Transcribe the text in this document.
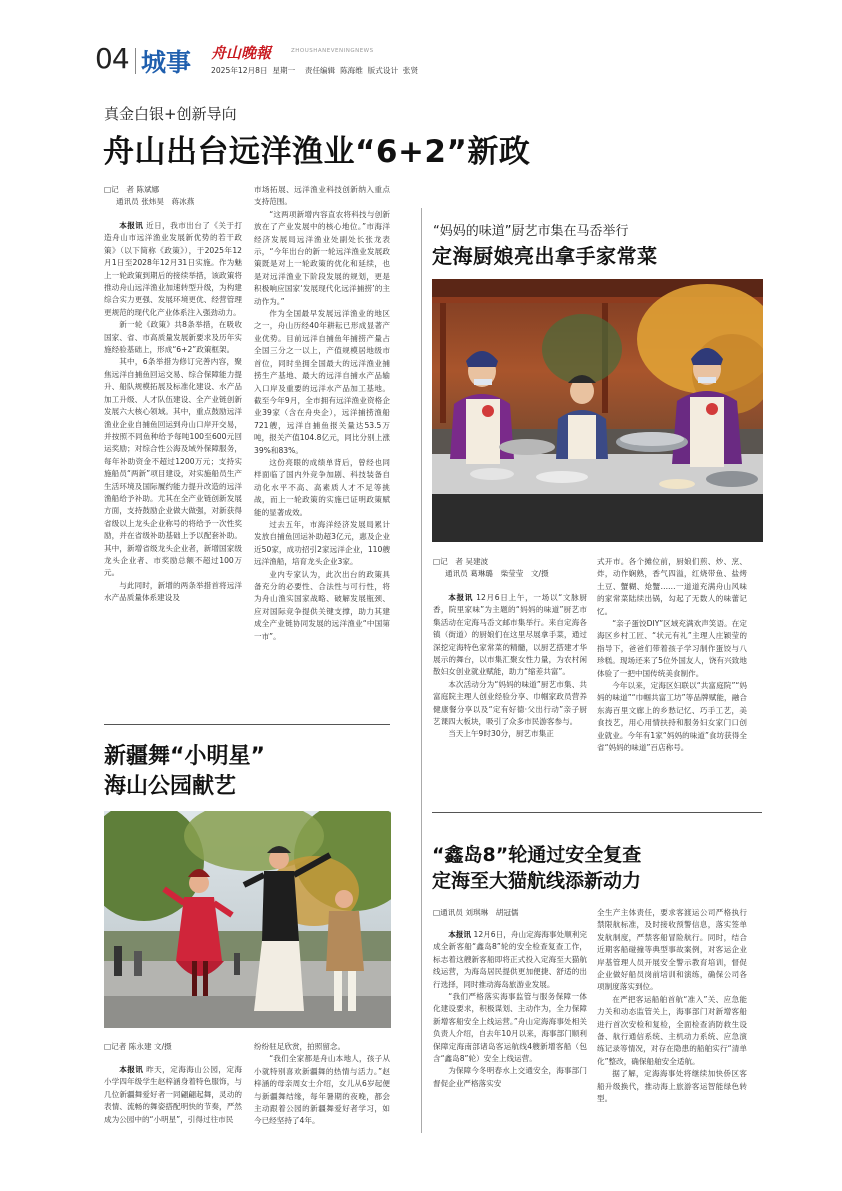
04 城事 舟山晚報	ZHOUSHANEVENINGNEWS
2025年12月8日  星期一    责任编辑  陈海维  版式设计  张贤
真金白银+创新导向
舟山出台远洋渔业“6+2”新政
□记　者 陈斌娜
通讯员 张炜昊　蒋冰燕

本报讯 近日，我市出台了《关于打造舟山市远洋渔业发展新优势的若干政策》（以下简称《政策》），于2025年12月1日至2028年12月31日实施。作为魅上一轮政策到期后的接续举措，该政策将推动舟山远洋渔业加速转型升级，为构建综合实力更强、发展环境更优、经营管理更规范的现代化产业体系注入强劲动力。

新一轮《政策》共8条举措，在吸收国家、省、市高质量发展新要求及历年实施经验基础上，形成“6+2”政策框架。

其中，6条举措为修订完善内容，聚焦远洋自捕鱼回运交易、综合保障能力提升、船队规模拓展及标准化建设、水产品加工升级、人才队伍建设、全产业链创新发展六大核心领域。其中，重点鼓励远洋渔业企业自捕鱼回运到舟山口岸开交易，并按照不同鱼种给予每吨100至600元回运奖励；对综合性公海及域外保障服务，每年补助资金不超过1200万元；支持实施船员“两新”项目建设，对实施船员生产生活环境及国际履约能力提升改造的远洋渔船给予补助。尤其在全产业链创新发展方面，支持鼓励企业做大做强，对新获得省级以上龙头企业称号的将给予一次性奖励，并在省级补助基础上予以配套补助。其中，新增省级龙头企业者，新增国家级龙头企业者、市奖励总额不超过100万元。

与此同时，新增的两条举措首将远洋水产品质量体系建设及

市场拓展、远洋渔业科技创新纳入重点支持范围。

“这两项新增内容直农将科技与创新放在了产业发展中的核心地位。”市海洋经济发展局远洋渔业处副处长张龙表示，“今年出台的新一轮远洋渔业发展政策既是对上一轮政策的优化和延续，也是对远洋渔业下阶段发展的规划，更是积极响应国家‘发展现代化远洋捕捞’的主动作为。”

作为全国最早发展远洋渔业的地区之一，舟山历经40年耕耘已形成显著产业优势。目前远洋自捕鱼年捕捞产量占全国三分之一以上，产值规模居地级市首位，同时坐拥全国最大的远洋渔业捕捞生产基地、最大的远洋自捕水产品输入口岸及重要的远洋水产品加工基地。截至今年9月，全市拥有远洋渔业资格企业39家（含在舟央企），远洋捕捞渔船721艘，远洋自捕鱼报关量达53.5万吨，报关产值104.8亿元，同比分别上涨39%和83%。

这份亮眼的成绩单背后，曾经也同样面临了国内外竞争加剧、科技装备自动化水平不高、高素质人才不足等挑战，而上一轮政策的实施已证明政策赋能的显著成效。

过去五年，市海洋经济发展局累计发放自捕鱼回运补助超3亿元，惠及企业近50家，成功招引2家远洋企业，110艘远洋渔船，培育龙头企业3家。

业内专家认为，此次出台的政策具备充分的必要性、合法性与可行性，将为舟山渔实国家战略、破解发展瓶颈、应对国际竞争提供关键支撑，助力其建成全产业链协同发展的远洋渔业“中国第一市”。

“妈妈的味道”厨艺市集在马岙举行
定海厨娘亮出拿手家常菜
□记　者 吴建波
通讯员 葛琳璐　柴莹莹　文/摄

本报讯 12月6日上午，一场以“文脉厨香，院里家味”为主题的“妈妈的味道”厨艺市集活动在定海马岙文邮市集举行。来自定海各镇（街道）的厨娘们在这里尽展拿手菜，通过深挖定海特色家常菜的精髓，以厨艺搭建才华展示的舞台，以市集汇聚女性力量，为农村闲散妇女创业就业赋能，助力“缩差共富”。

本次活动分为“妈妈的味道”厨艺市集、共富庭院主理人创业经验分享、巾帼家政员营养健康餐分享以及“定有好德·父出行动”亲子厨艺课四大板块，吸引了众多市民游客参与。

当天上午9时30分，厨艺市集正

式开市。各个摊位前，厨娘们煎、炒、烹、炸，动作娴熟，香气四溢，红烧带鱼、盐烤土豆、蟹糊、炝蟹……一道道充满舟山风味的家常菜陆续出锅，勾起了无数人的味蕾记忆。

“亲子蛋饺DIY”区域充满欢声笑语。在定海区乡村工匠、“状元有礼”主理人庄颖莹的指导下，爸爸们带着孩子学习制作蛋饺与八珍糕。现场还来了5位外国友人，饶有兴致地体验了一把中国传统美食制作。

今年以来，定海区妇联以“共富庭院”“妈妈的味道”“巾帼共富工坊”等品牌赋能，融合东海百里文廊上的乡愁记忆、巧手工艺，美食技艺，用心用情扶持和服务妇女家门口创业就业。今年有1家“妈妈的味道”食坊获得全省“妈妈的味道”百店称号。

新疆舞“小明星”
海山公园献艺
□记者 陈永建 文/摄

本报讯 昨天，定海海山公园，定海小学四年级学生赵梓涵身着特色服饰，与几位新疆舞爱好者一同翩翩起舞，灵动的表情、流畅的舞姿搭配明快的节奏，严然成为公园中的“小明星”，引得过往市民

纷纷驻足欣赏，拍照留念。

“我们全家都是舟山本地人，孩子从小就特别喜欢新疆舞的热情与活力。”赵梓涵的母亲周女士介绍，女儿从6岁起便与新疆舞结缘，每年暑期的夜晚，都会主动跟着公园的新疆舞爱好者学习，如今已经坚持了4年。

“鑫岛8”轮通过安全复查
定海至大猫航线添新动力
□通讯员 刘琪琳　胡冠儒

本报讯 12月6日，舟山定海海事处顺利完成全新客船“鑫岛8”轮的安全检查复查工作，标志着这艘新客船即将正式投入定海至大猫航线运营，为海岛居民提供更加便捷、舒适的出行选择，同时推动海岛旅游业发展。

“我们严格落实海事监管与服务保障一体化建设要求，积极谋划、主动作为，全力保障新增客船安全上线运营。”舟山定海海事处相关负责人介绍，自去年10月以来，海事部门顺利保障定海南部诸岛客运航线4艘新增客船（包含“鑫岛8”轮）安全上线运营。

为保障今冬明春水上交通安全，海事部门督促企业严格落实安

全生产主体责任，要求客渡运公司严格执行禁限航标准，及时接收预警信息，落实签单发航制度，严禁客船冒险航行。同时，结合近期客船碰撞等典型事故案例，对客运企业岸基管理人员开展安全警示教育培训，督促企业做好船员岗前培训和演练，确保公司各项制度落实到位。

在严把客运船舶首航“准入”关、应急能力关和动态监管关上，海事部门对新增客船进行首次安检和复检，全面检查消防救生设备、航行通信系统、主机动力系统、应急演练记录等情况，对存在隐患的船舶实行“清单化”整改，确保船舶安全适航。

据了解，定海海事处将继续加快侨区客船升级换代，推动海上旅游客运智能绿色转型。
